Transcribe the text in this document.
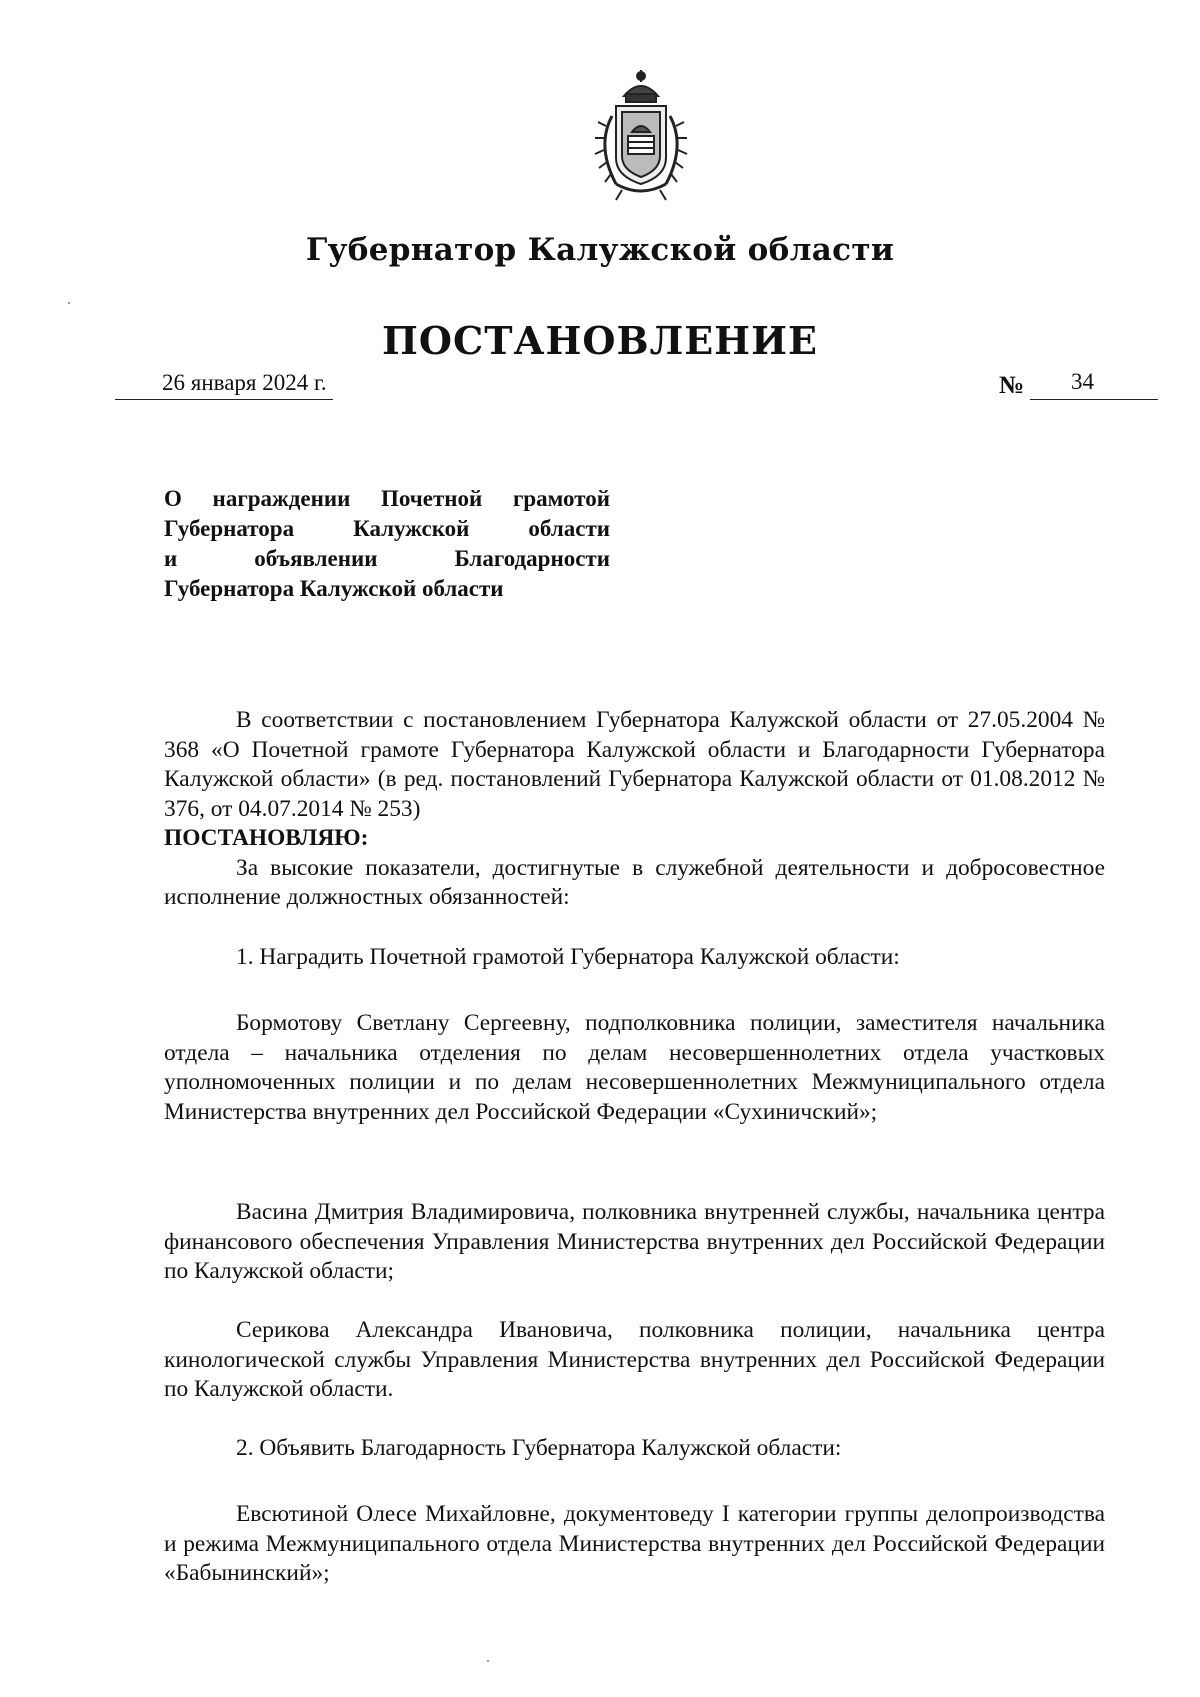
Губернатор Калужской области
ПОСТАНОВЛЕНИЕ
26 января 2024 г.	№ 34
О награждении Почетной грамотой
Губернатора Калужской области
и объявлении Благодарности
Губернатора Калужской области

В соответствии с постановлением Губернатора Калужской области от 27.05.2004 № 368 «О Почетной грамоте Губернатора Калужской области и Благодарности Губернатора Калужской области» (в ред. постановлений Губернатора Калужской области от 01.08.2012 № 376, от 04.07.2014 № 253)

ПОСТАНОВЛЯЮ:

За высокие показатели, достигнутые в служебной деятельности и добросовестное исполнение должностных обязанностей:

1. Наградить Почетной грамотой Губернатора Калужской области:

Бормотову Светлану Сергеевну, подполковника полиции, заместителя начальника отдела – начальника отделения по делам несовершеннолетних отдела участковых уполномоченных полиции и по делам несовершеннолетних Межмуниципального отдела Министерства внутренних дел Российской Федерации «Сухиничский»;

Васина Дмитрия Владимировича, полковника внутренней службы, начальника центра финансового обеспечения Управления Министерства внутренних дел Российской Федерации по Калужской области;

Серикова Александра Ивановича, полковника полиции, начальника центра кинологической службы Управления Министерства внутренних дел Российской Федерации по Калужской области.

2. Объявить Благодарность Губернатора Калужской области:

Евсютиной Олесе Михайловне, документоведу I категории группы делопроизводства и режима Межмуниципального отдела Министерства внутренних дел Российской Федерации «Бабынинский»;
